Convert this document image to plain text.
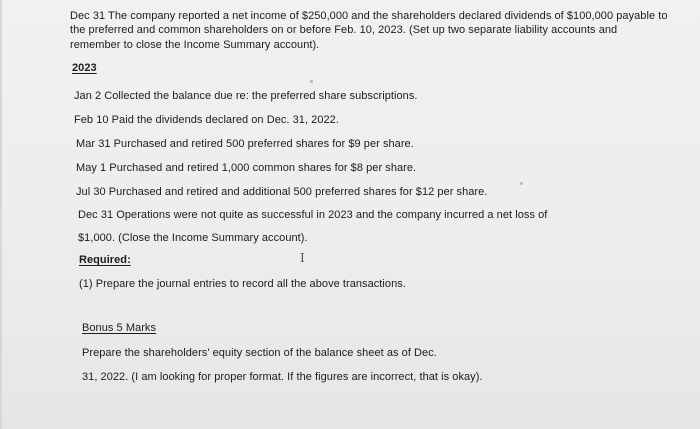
Dec 31 The company reported a net income of $250,000 and the shareholders declared dividends of $100,000 payable to
the preferred and common shareholders on or before Feb. 10, 2023. (Set up two separate liability accounts and
remember to close the Income Summary account).
2023
Jan 2 Collected the balance due re: the preferred share subscriptions.
Feb 10 Paid the dividends declared on Dec. 31, 2022.
Mar 31 Purchased and retired 500 preferred shares for $9 per share.
May 1 Purchased and retired 1,000 common shares for $8 per share.
Jul 30 Purchased and retired and additional 500 preferred shares for $12 per share.
Dec 31 Operations were not quite as successful in 2023 and the company incurred a net loss of
$1,000. (Close the Income Summary account).
Required:	I
(1) Prepare the journal entries to record all the above transactions.
Bonus 5 Marks
Prepare the shareholders' equity section of the balance sheet as of Dec.
31, 2022. (I am looking for proper format. If the figures are incorrect, that is okay).
